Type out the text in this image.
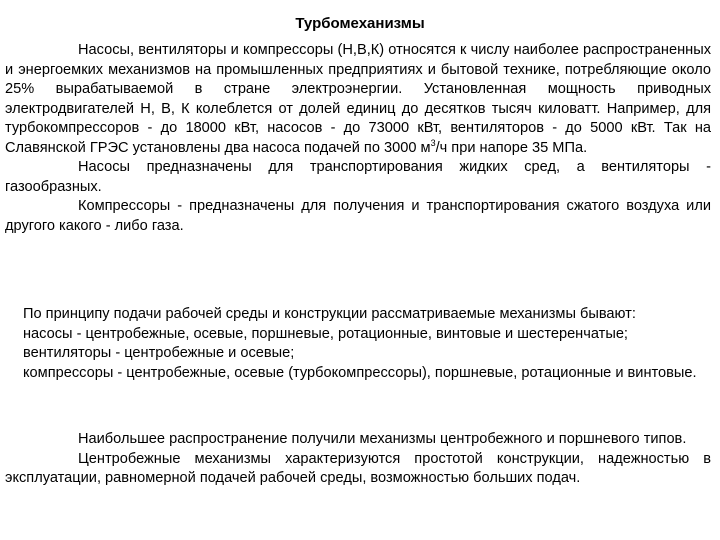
Турбомеханизмы

Насосы, вентиляторы и компрессоры (Н,В,К) относятся к числу наиболее распространенных и энергоемких механизмов на промышленных предприятиях и бытовой технике, потребляющие около 25% вырабатываемой в стране электроэнергии. Установленная мощность приводных электродвигателей Н, В, К колеблется от долей единиц до десятков тысяч киловатт. Например, для турбокомпрессоров - до 18000 кВт, насосов - до 73000 кВт, вентиляторов - до 5000 кВт. Так на Славянской ГРЭС установлены два насоса подачей по 3000 $м^3/ч$ при напоре 35 МПа.

Насосы предназначены для транспортирования жидких сред, а вентиляторы - газообразных.

Компрессоры - предназначены для получения и транспортирования сжатого воздуха или другого какого - либо газа.

По принципу подачи рабочей среды и конструкции рассматриваемые механизмы бывают:

насосы - центробежные, осевые, поршневые, ротационные, винтовые и шестеренчатые;

вентиляторы - центробежные и осевые;

компрессоры - центробежные, осевые (турбокомпрессоры), поршневые, ротационные и винтовые.

Наибольшее распространение получили механизмы центробежного и поршневого типов.

Центробежные механизмы характеризуются простотой конструкции, надежностью в эксплуатации, равномерной подачей рабочей среды, возможностью больших подач.
